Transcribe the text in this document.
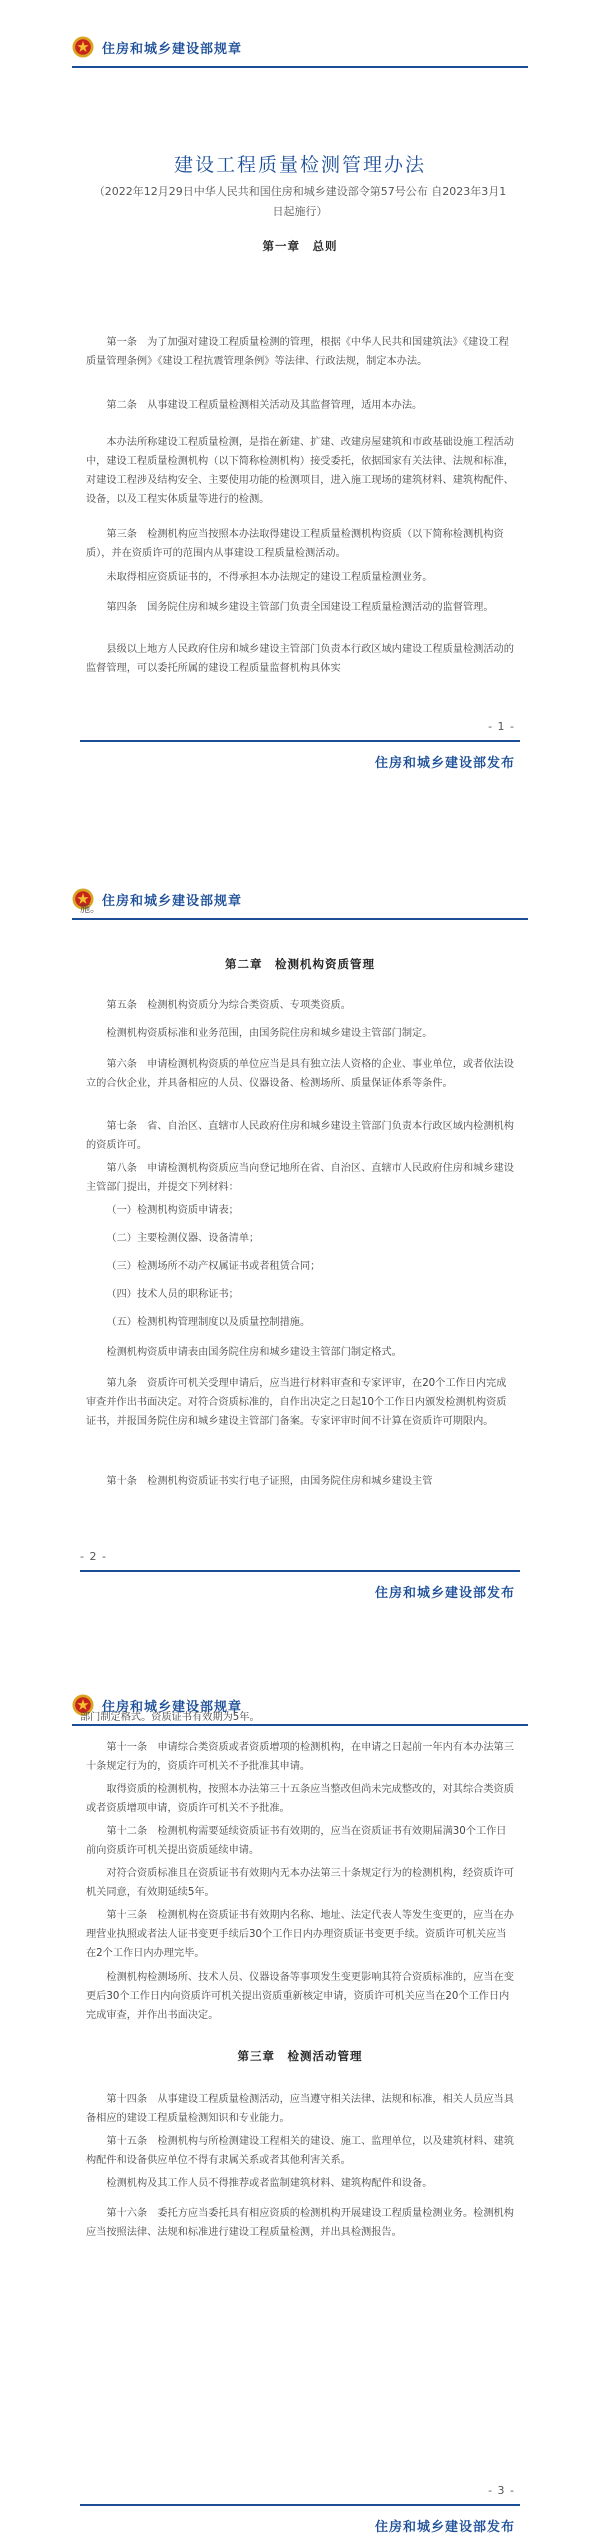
住房和城乡建设部规章
建设工程质量检测管理办法
（2022年12月29日中华人民共和国住房和城乡建设部令第57号公布 自2023年3月1日起施行）
第一章　总则

第一条　为了加强对建设工程质量检测的管理，根据《中华人民共和国建筑法》《建设工程质量管理条例》《建设工程抗震管理条例》等法律、行政法规，制定本办法。

第二条　从事建设工程质量检测相关活动及其监督管理，适用本办法。

本办法所称建设工程质量检测，是指在新建、扩建、改建房屋建筑和市政基础设施工程活动中，建设工程质量检测机构（以下简称检测机构）接受委托，依据国家有关法律、法规和标准，对建设工程涉及结构安全、主要使用功能的检测项目，进入施工现场的建筑材料、建筑构配件、设备，以及工程实体质量等进行的检测。

第三条　检测机构应当按照本办法取得建设工程质量检测机构资质（以下简称检测机构资质），并在资质许可的范围内从事建设工程质量检测活动。

未取得相应资质证书的，不得承担本办法规定的建设工程质量检测业务。

第四条　国务院住房和城乡建设主管部门负责全国建设工程质量检测活动的监督管理。

县级以上地方人民政府住房和城乡建设主管部门负责本行政区域内建设工程质量检测活动的监督管理，可以委托所属的建设工程质量监督机构具体实

- 1 -
住房和城乡建设部发布
住房和城乡建设部规章

施。

第二章　检测机构资质管理

第五条　检测机构资质分为综合类资质、专项类资质。

检测机构资质标准和业务范围，由国务院住房和城乡建设主管部门制定。

第六条　申请检测机构资质的单位应当是具有独立法人资格的企业、事业单位，或者依法设立的合伙企业，并具备相应的人员、仪器设备、检测场所、质量保证体系等条件。

第七条　省、自治区、直辖市人民政府住房和城乡建设主管部门负责本行政区域内检测机构的资质许可。

第八条　申请检测机构资质应当向登记地所在省、自治区、直辖市人民政府住房和城乡建设主管部门提出，并提交下列材料：

（一）检测机构资质申请表；

（二）主要检测仪器、设备清单；

（三）检测场所不动产权属证书或者租赁合同；

（四）技术人员的职称证书；

（五）检测机构管理制度以及质量控制措施。

检测机构资质申请表由国务院住房和城乡建设主管部门制定格式。

第九条　资质许可机关受理申请后，应当进行材料审查和专家评审，在20个工作日内完成审查并作出书面决定。对符合资质标准的，自作出决定之日起10个工作日内颁发检测机构资质证书，并报国务院住房和城乡建设主管部门备案。专家评审时间不计算在资质许可期限内。

第十条　检测机构资质证书实行电子证照，由国务院住房和城乡建设主管

- 2 -
住房和城乡建设部发布
住房和城乡建设部规章

部门制定格式。资质证书有效期为5年。

第十一条　申请综合类资质或者资质增项的检测机构，在申请之日起前一年内有本办法第三十条规定行为的，资质许可机关不予批准其申请。

取得资质的检测机构，按照本办法第三十五条应当整改但尚未完成整改的，对其综合类资质或者资质增项申请，资质许可机关不予批准。

第十二条　检测机构需要延续资质证书有效期的，应当在资质证书有效期届满30个工作日前向资质许可机关提出资质延续申请。

对符合资质标准且在资质证书有效期内无本办法第三十条规定行为的检测机构，经资质许可机关同意，有效期延续5年。

第十三条　检测机构在资质证书有效期内名称、地址、法定代表人等发生变更的，应当在办理营业执照或者法人证书变更手续后30个工作日内办理资质证书变更手续。资质许可机关应当在2个工作日内办理完毕。

检测机构检测场所、技术人员、仪器设备等事项发生变更影响其符合资质标准的，应当在变更后30个工作日内向资质许可机关提出资质重新核定申请，资质许可机关应当在20个工作日内完成审查，并作出书面决定。

第三章　检测活动管理

第十四条　从事建设工程质量检测活动，应当遵守相关法律、法规和标准，相关人员应当具备相应的建设工程质量检测知识和专业能力。

第十五条　检测机构与所检测建设工程相关的建设、施工、监理单位，以及建筑材料、建筑构配件和设备供应单位不得有隶属关系或者其他利害关系。

检测机构及其工作人员不得推荐或者监制建筑材料、建筑构配件和设备。

第十六条　委托方应当委托具有相应资质的检测机构开展建设工程质量检测业务。检测机构应当按照法律、法规和标准进行建设工程质量检测，并出具检测报告。

- 3 -
住房和城乡建设部发布
